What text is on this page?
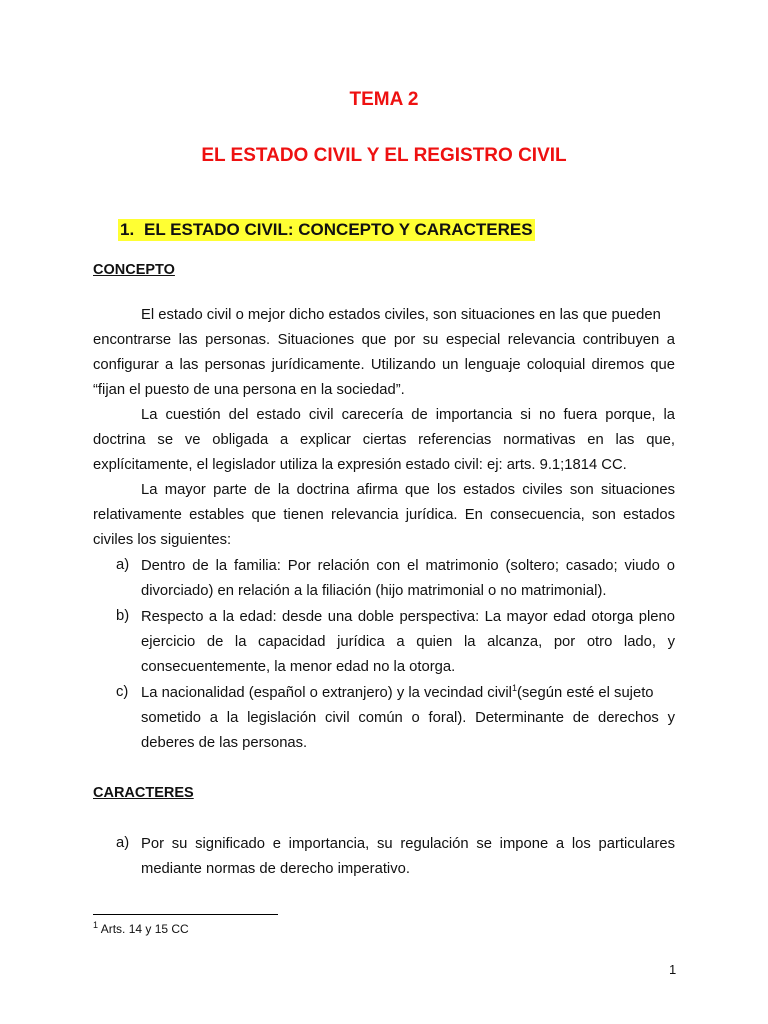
TEMA 2
EL ESTADO CIVIL Y EL REGISTRO CIVIL
1. EL ESTADO CIVIL: CONCEPTO Y CARACTERES
CONCEPTO

El estado civil o mejor dicho estados civiles, son situaciones en las que pueden

encontrarse las personas. Situaciones que por su especial relevancia contribuyen a

configurar a las personas jurídicamente. Utilizando un lenguaje coloquial diremos que

“fijan el puesto de una persona en la sociedad”.

La cuestión del estado civil carecería de importancia si no fuera porque, la

doctrina se ve obligada a explicar ciertas referencias normativas en las que,

explícitamente, el legislador utiliza la expresión estado civil: ej: arts. 9.1;1814 CC.

La mayor parte de la doctrina afirma que los estados civiles son situaciones

relativamente estables que tienen relevancia jurídica. En consecuencia, son estados

civiles los siguientes:

a) Dentro de la familia: Por relación con el matrimonio (soltero; casado; viudo o

divorciado) en relación a la filiación (hijo matrimonial o no matrimonial).

b) Respecto a la edad: desde una doble perspectiva: La mayor edad otorga pleno

ejercicio de la capacidad jurídica a quien la alcanza, por otro lado, y

consecuentemente, la menor edad no la otorga.

c) La nacionalidad (español o extranjero) y la vecindad civil$^1$(según esté el sujeto

sometido a la legislación civil común o foral). Determinante de derechos y

deberes de las personas.

CARACTERES
a) Por su significado e importancia, su regulación se impone a los particulares

mediante normas de derecho imperativo.

$^1$ Arts. 14 y 15 CC

1
